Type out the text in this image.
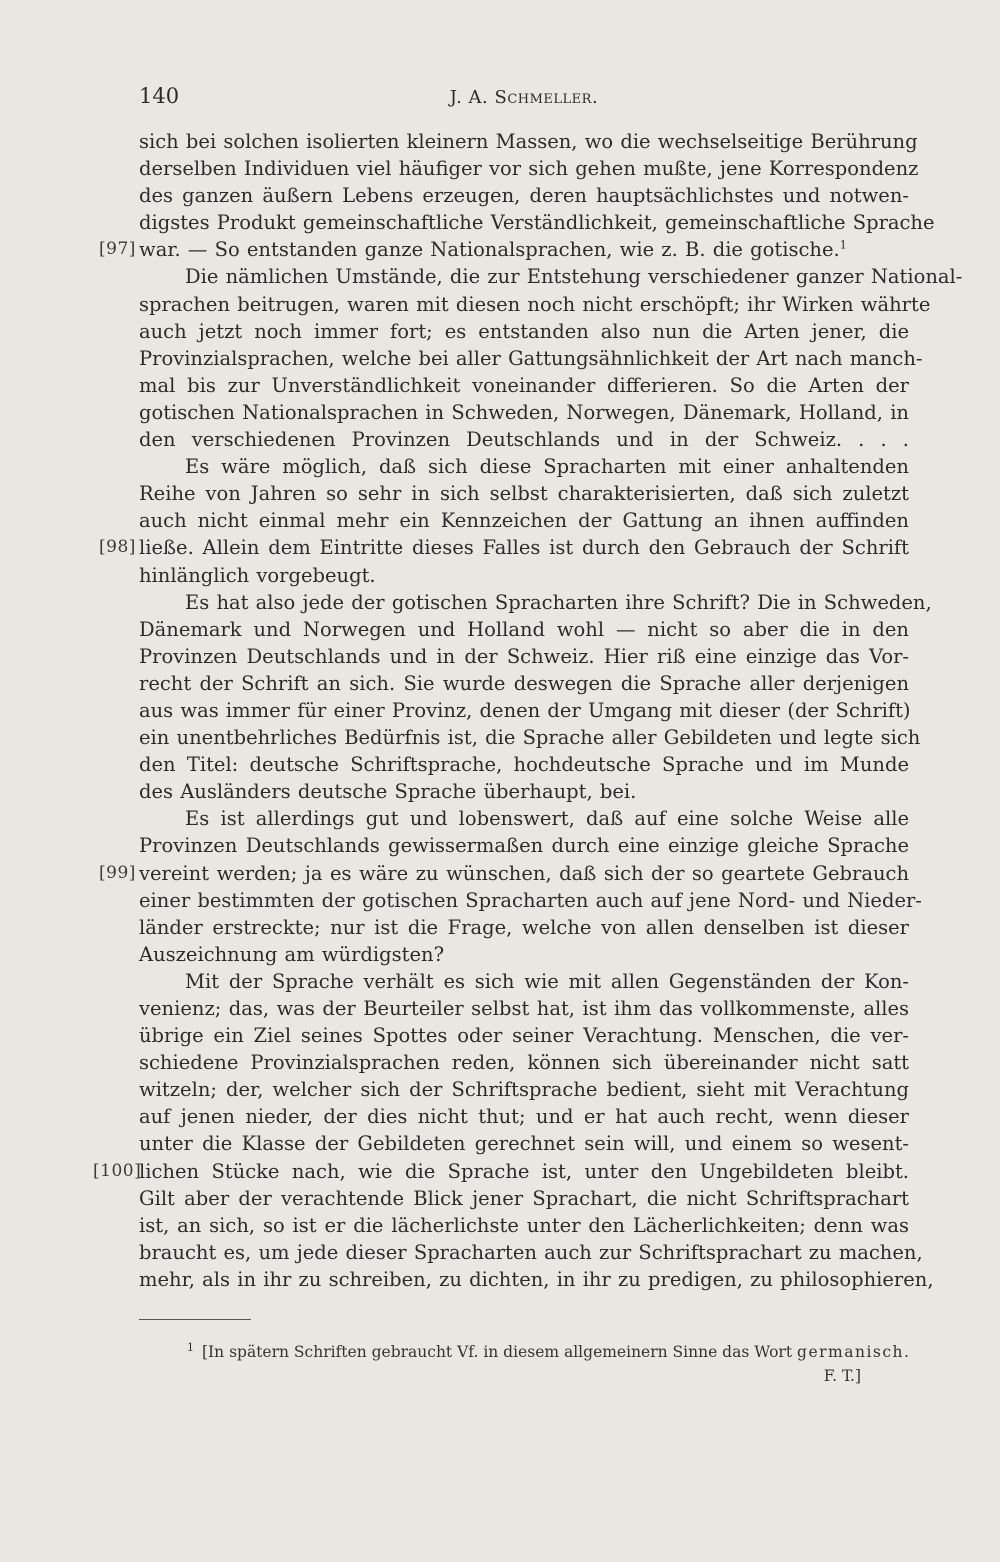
140	J. A. Schmeller.
sich bei solchen isolierten kleinern Massen, wo die wechselseitige Berührung
derselben Individuen viel häufiger vor sich gehen mußte, jene Korrespondenz
des ganzen äußern Lebens erzeugen, deren hauptsächlichstes und notwen-
digstes Produkt gemeinschaftliche Verständlichkeit, gemeinschaftliche Sprache
[97] war. — So entstanden ganze Nationalsprachen, wie z. B. die gotische.$^1$
Die nämlichen Umstände, die zur Entstehung verschiedener ganzer National-
sprachen beitrugen, waren mit diesen noch nicht erschöpft; ihr Wirken währte
auch jetzt noch immer fort; es entstanden also nun die Arten jener, die
Provinzialsprachen, welche bei aller Gattungsähnlichkeit der Art nach manch-
mal bis zur Unverständlichkeit voneinander differieren. So die Arten der
gotischen Nationalsprachen in Schweden, Norwegen, Dänemark, Holland, in
den verschiedenen Provinzen Deutschlands und in der Schweiz. . . .
Es wäre möglich, daß sich diese Spracharten mit einer anhaltenden
Reihe von Jahren so sehr in sich selbst charakterisierten, daß sich zuletzt
auch nicht einmal mehr ein Kennzeichen der Gattung an ihnen auffinden
[98] ließe. Allein dem Eintritte dieses Falles ist durch den Gebrauch der Schrift
hinlänglich vorgebeugt.
Es hat also jede der gotischen Spracharten ihre Schrift? Die in Schweden,
Dänemark und Norwegen und Holland wohl — nicht so aber die in den
Provinzen Deutschlands und in der Schweiz. Hier riß eine einzige das Vor-
recht der Schrift an sich. Sie wurde deswegen die Sprache aller derjenigen
aus was immer für einer Provinz, denen der Umgang mit dieser (der Schrift)
ein unentbehrliches Bedürfnis ist, die Sprache aller Gebildeten und legte sich
den Titel: deutsche Schriftsprache, hochdeutsche Sprache und im Munde
des Ausländers deutsche Sprache überhaupt, bei.
Es ist allerdings gut und lobenswert, daß auf eine solche Weise alle
Provinzen Deutschlands gewissermaßen durch eine einzige gleiche Sprache
[99] vereint werden; ja es wäre zu wünschen, daß sich der so geartete Gebrauch
einer bestimmten der gotischen Spracharten auch auf jene Nord- und Nieder-
länder erstreckte; nur ist die Frage, welche von allen denselben ist dieser
Auszeichnung am würdigsten?
Mit der Sprache verhält es sich wie mit allen Gegenständen der Kon-
venienz; das, was der Beurteiler selbst hat, ist ihm das vollkommenste, alles
übrige ein Ziel seines Spottes oder seiner Verachtung. Menschen, die ver-
schiedene Provinzialsprachen reden, können sich übereinander nicht satt
witzeln; der, welcher sich der Schriftsprache bedient, sieht mit Verachtung
auf jenen nieder, der dies nicht thut; und er hat auch recht, wenn dieser
unter die Klasse der Gebildeten gerechnet sein will, und einem so wesent-
[100]
lichen Stücke nach, wie die Sprache ist, unter den Ungebildeten bleibt.
Gilt aber der verachtende Blick jener Sprachart, die nicht Schriftsprachart
ist, an sich, so ist er die lächerlichste unter den Lächerlichkeiten; denn was
braucht es, um jede dieser Spracharten auch zur Schriftsprachart zu machen,
mehr, als in ihr zu schreiben, zu dichten, in ihr zu predigen, zu philosophieren,
$^1$ [In spätern Schriften gebraucht Vf. in diesem allgemeinern Sinne das Wort germanisch.
F. T.]
